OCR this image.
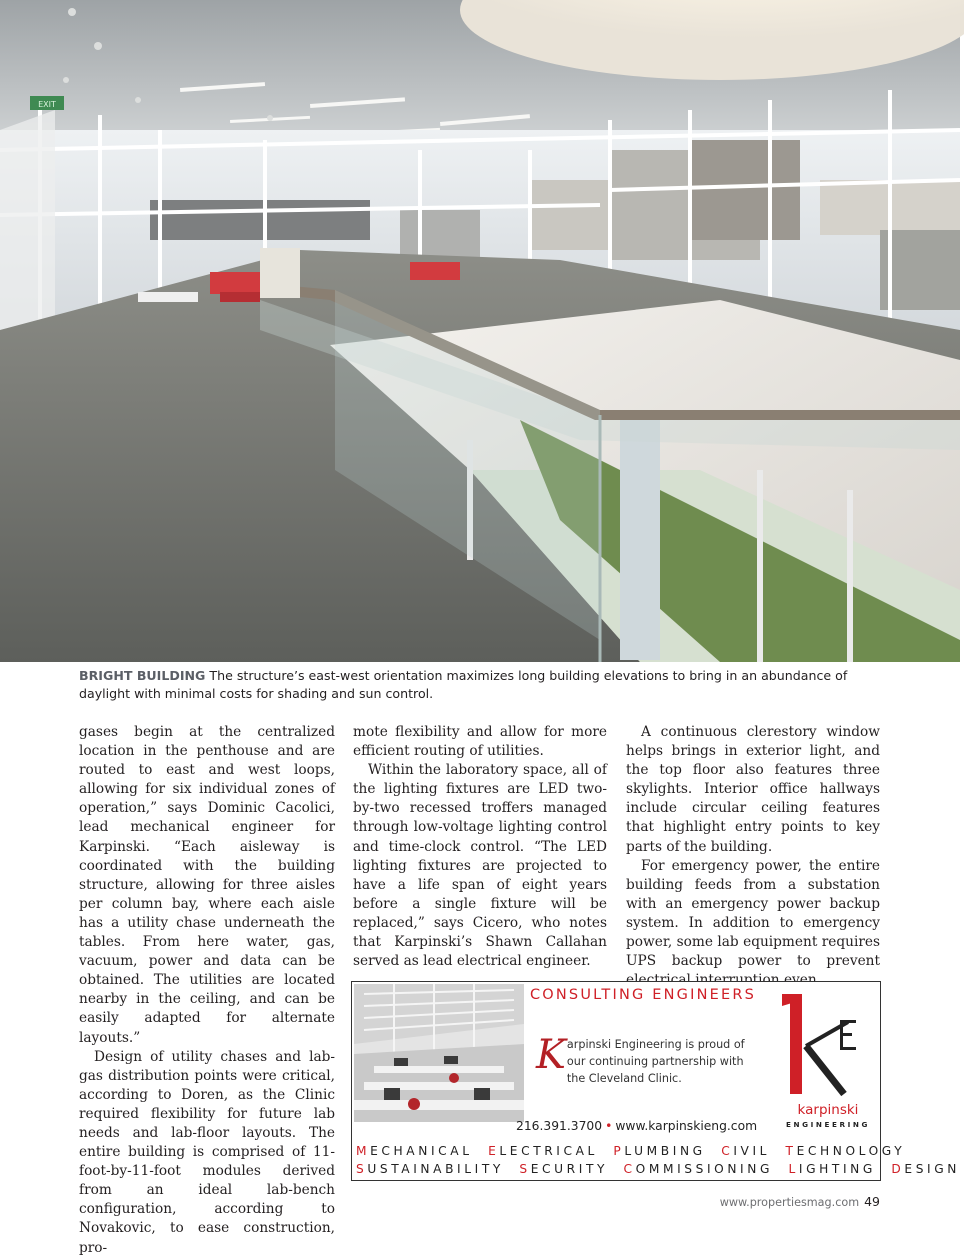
EXIT
BRIGHT BUILDING The structure’s east-west orientation maximizes long building elevations to bring in an abundance of daylight with minimal costs for shading and sun control.

gases begin at the centralized location in the penthouse and are routed to east and west loops, allowing for six individual zones of operation,” says Dominic Cacolici, lead mechanical engineer for Karpinski. “Each aisleway is coordinated with the building structure, allowing for three aisles per column bay, where each aisle has a utility chase underneath the tables. From here water, gas, vacuum, power and data can be obtained. The utilities are located nearby in the ceiling, and can be easily adapted for alternate layouts.”

Design of utility chases and lab-gas distribution points were critical, according to Doren, as the Clinic required flexibility for future lab needs and lab-floor layouts. The entire building is comprised of 11-foot-by-11-foot modules derived from an ideal lab-bench configuration, according to Novakovic, to ease construction, pro-

mote flexibility and allow for more efficient routing of utilities.

Within the laboratory space, all of the lighting fixtures are LED two-by-two recessed troffers managed through low-voltage lighting control and time-clock control. “The LED lighting fixtures are projected to have a life span of eight years before a single fixture will be replaced,” says Cicero, who notes that Karpinski’s Shawn Callahan served as lead electrical engineer.

A continuous clerestory window helps brings in exterior light, and the top floor also features three skylights. Interior office hallways include circular ceiling features that highlight entry points to key parts of the building.

For emergency power, the entire building feeds from a substation with an emergency power backup system. In addition to emergency power, some lab equipment requires UPS backup power to prevent

CONSULTING ENGINEERS
Karpinski Engineering is proud of our continuing partnership with the Cleveland Clinic.
216.391.3700 • www.karpinskieng.com
karpinski
ENGINEERING
MECHANICAL ELECTRICAL PLUMBING CIVIL TECHNOLOGY
SUSTAINABILITY SECURITY COMMISSIONING LIGHTING DESIGN
www.propertiesmag.com 49
